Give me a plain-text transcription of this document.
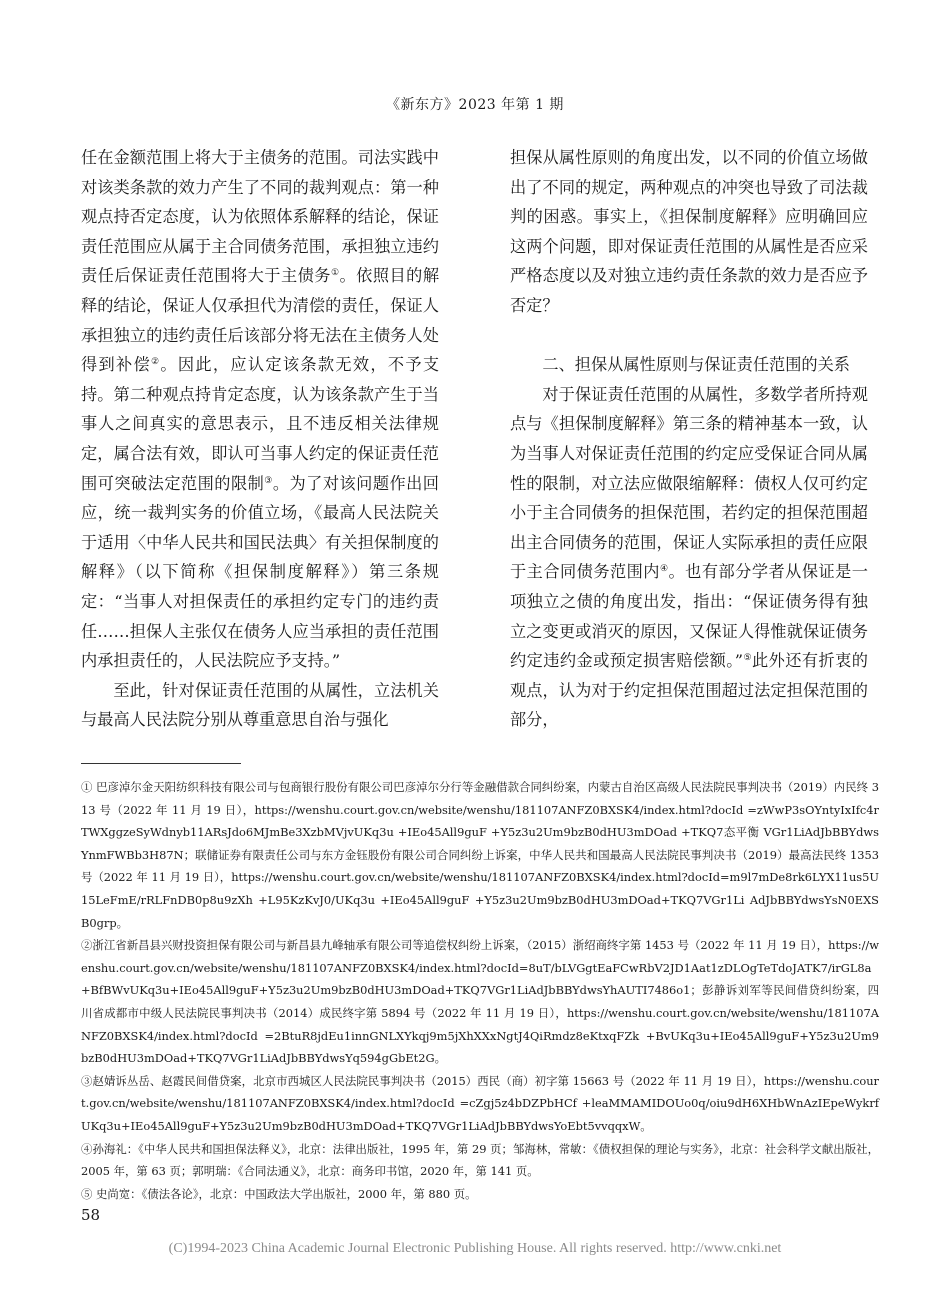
《新东方》2023 年第 1 期

任在金额范围上将大于主债务的范围。司法实践中对该类条款的效力产生了不同的裁判观点：第一种观点持否定态度，认为依照体系解释的结论，保证责任范围应从属于主合同债务范围，承担独立违约责任后保证责任范围将大于主债务①。依照目的解释的结论，保证人仅承担代为清偿的责任，保证人承担独立的违约责任后该部分将无法在主债务人处得到补偿②。因此，应认定该条款无效，不予支持。第二种观点持肯定态度，认为该条款产生于当事人之间真实的意思表示，且不违反相关法律规定，属合法有效，即认可当事人约定的保证责任范围可突破法定范围的限制③。为了对该问题作出回应，统一裁判实务的价值立场，《最高人民法院关于适用〈中华人民共和国民法典〉有关担保制度的解释》（以下简称《担保制度解释》）第三条规定：“当事人对担保责任的承担约定专门的违约责任……担保人主张仅在债务人应当承担的责任范围内承担责任的，人民法院应予支持。”

至此，针对保证责任范围的从属性，立法机关与最高人民法院分别从尊重意思自治与强化

担保从属性原则的角度出发，以不同的价值立场做出了不同的规定，两种观点的冲突也导致了司法裁判的困惑。事实上，《担保制度解释》应明确回应这两个问题，即对保证责任范围的从属性是否应采严格态度以及对独立违约责任条款的效力是否应予否定？

二、担保从属性原则与保证责任范围的关系

对于保证责任范围的从属性，多数学者所持观点与《担保制度解释》第三条的精神基本一致，认为当事人对保证责任范围的约定应受保证合同从属性的限制，对立法应做限缩解释：债权人仅可约定小于主合同债务的担保范围，若约定的担保范围超出主合同债务的范围，保证人实际承担的责任应限于主合同债务范围内④。也有部分学者从保证是一项独立之债的角度出发，指出：“保证债务得有独立之变更或消灭的原因，又保证人得惟就保证债务约定违约金或预定损害赔偿额。”⑤此外还有折衷的观点，认为对于约定担保范围超过法定担保范围的部分，

① 巴彦淖尔金天阳纺织科技有限公司与包商银行股份有限公司巴彦淖尔分行等金融借款合同纠纷案，内蒙古自治区高级人民法院民事判决书（2019）内民终 313 号（2022 年 11 月 19 日），https://wenshu.court.gov.cn/website/wenshu/181107ANFZ0BXSK4/index.html?docId =zWwP3sOYntyIxIfc4rTWXggzeSyWdnyb11ARsJdo6MJmBe3XzbMVjvUKq3u +IEo45All9guF +Y5z3u2Um9bzB0dHU3mDOad +TKQ7态平衡 VGr1LiAdJbBBYdwsYnmFWBb3H87N；联储证券有限责任公司与东方金钰股份有限公司合同纠纷上诉案，中华人民共和国最高人民法院民事判决书（2019）最高法民终 1353 号（2022 年 11 月 19 日），https://wenshu.court.gov.cn/website/wenshu/181107ANFZ0BXSK4/index.html?docId=m9l7mDe8rk6LYX11us5U15LeFmE/rRLFnDB0p8u9zXh +L95KzKvJ0/UKq3u +IEo45All9guF +Y5z3u2Um9bzB0dHU3mDOad+TKQ7VGr1Li AdJbBBYdwsYsN0EXSB0grp。

②浙江省新昌县兴财投资担保有限公司与新昌县九峰轴承有限公司等追偿权纠纷上诉案，（2015）浙绍商终字第 1453 号（2022 年 11 月 19 日），https://wenshu.court.gov.cn/website/wenshu/181107ANFZ0BXSK4/index.html?docId=8uT/bLVGgtEaFCwRbV2JD1Aat1zDLOgTeTdoJATK7/irGL8a+BfBWvUKq3u+IEo45All9guF+Y5z3u2Um9bzB0dHU3mDOad+TKQ7VGr1LiAdJbBBYdwsYhAUTI7486o1；彭静诉刘军等民间借贷纠纷案，四川省成都市中级人民法院民事判决书（2014）成民终字第 5894 号（2022 年 11 月 19 日），https://wenshu.court.gov.cn/website/wenshu/181107ANFZ0BXSK4/index.html?docId =2BtuR8jdEu1innGNLXYkqj9m5jXhXXxNgtJ4QiRmdz8eKtxqFZk +BvUKq3u+IEo45All9guF+Y5z3u2Um9bzB0dHU3mDOad+TKQ7VGr1LiAdJbBBYdwsYq594gGbEt2G。

③赵婧诉丛岳、赵霞民间借贷案，北京市西城区人民法院民事判决书（2015）西民（商）初字第 15663 号（2022 年 11 月 19 日），https://wenshu.court.gov.cn/website/wenshu/181107ANFZ0BXSK4/index.html?docId =cZgj5z4bDZPbHCf +leaMMAMIDOUo0q/oiu9dH6XHbWnAzIEpeWykrfUKq3u+IEo45All9guF+Y5z3u2Um9bzB0dHU3mDOad+TKQ7VGr1LiAdJbBBYdwsYoEbt5vvqqxW。

④孙海礼：《中华人民共和国担保法释义》，北京：法律出版社，1995 年，第 29 页；邹海林，常敏：《债权担保的理论与实务》，北京：社会科学文献出版社，2005 年，第 63 页；郭明瑞：《合同法通义》，北京：商务印书馆，2020 年，第 141 页。

⑤ 史尚宽：《债法各论》，北京：中国政法大学出版社，2000 年，第 880 页。

58
(C)1994-2023 China Academic Journal Electronic Publishing House. All rights reserved. http://www.cnki.net
